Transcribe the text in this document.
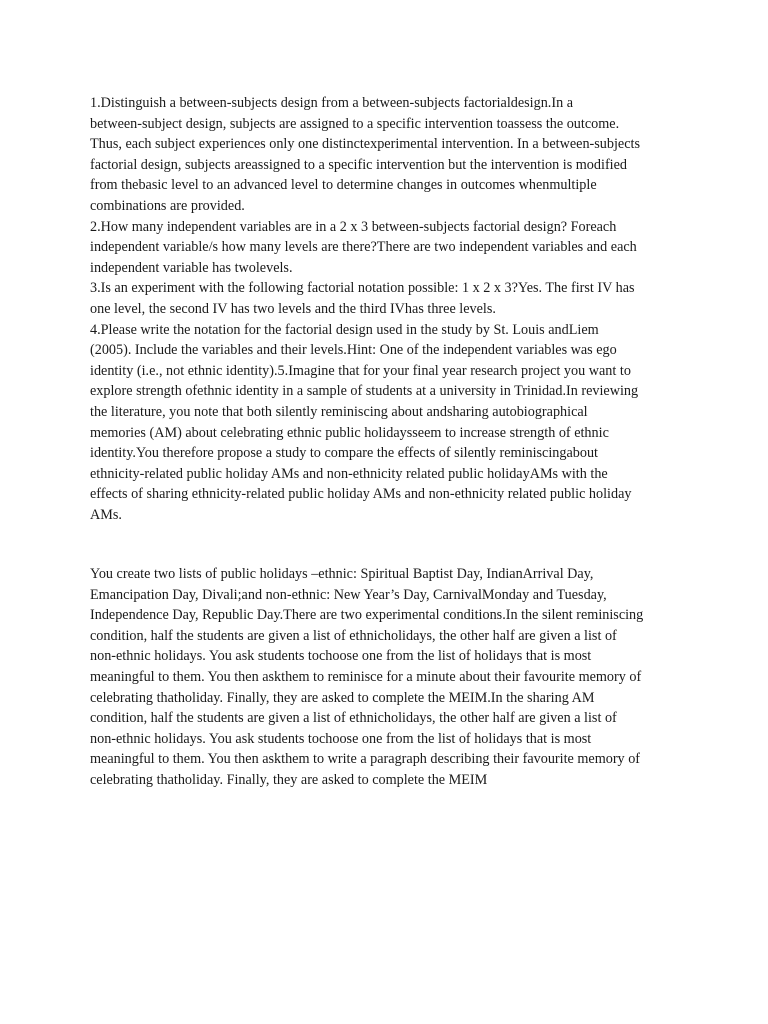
1.Distinguish a between-subjects design from a between-subjects factorialdesign.In a
between-subject design, subjects are assigned to a specific intervention toassess the outcome.
Thus, each subject experiences only one distinctexperimental intervention. In a between-subjects
factorial design, subjects areassigned to a specific intervention but the intervention is modified
from thebasic level to an advanced level to determine changes in outcomes whenmultiple
combinations are provided.
2.How many independent variables are in a 2 x 3 between-subjects factorial design? Foreach
independent variable/s how many levels are there?There are two independent variables and each
independent variable has twolevels.
3.Is an experiment with the following factorial notation possible: 1 x 2 x 3?Yes. The first IV has
one level, the second IV has two levels and the third IVhas three levels.
4.Please write the notation for the factorial design used in the study by St. Louis andLiem
(2005). Include the variables and their levels.Hint: One of the independent variables was ego
identity (i.e., not ethnic identity).5.Imagine that for your final year research project you want to
explore strength ofethnic identity in a sample of students at a university in Trinidad.In reviewing
the literature, you note that both silently reminiscing about andsharing autobiographical
memories (AM) about celebrating ethnic public holidaysseem to increase strength of ethnic
identity.You therefore propose a study to compare the effects of silently reminiscingabout
ethnicity-related public holiday AMs and non-ethnicity related public holidayAMs with the
effects of sharing ethnicity-related public holiday AMs and non-ethnicity related public holiday
AMs.
You create two lists of public holidays –ethnic: Spiritual Baptist Day, IndianArrival Day,
Emancipation Day, Divali;and non-ethnic: New Year’s Day, CarnivalMonday and Tuesday,
Independence Day, Republic Day.There are two experimental conditions.In the silent reminiscing
condition, half the students are given a list of ethnicholidays, the other half are given a list of
non-ethnic holidays. You ask students tochoose one from the list of holidays that is most
meaningful to them. You then askthem to reminisce for a minute about their favourite memory of
celebrating thatholiday. Finally, they are asked to complete the MEIM.In the sharing AM
condition, half the students are given a list of ethnicholidays, the other half are given a list of
non-ethnic holidays. You ask students tochoose one from the list of holidays that is most
meaningful to them. You then askthem to write a paragraph describing their favourite memory of
celebrating thatholiday. Finally, they are asked to complete the MEIM
